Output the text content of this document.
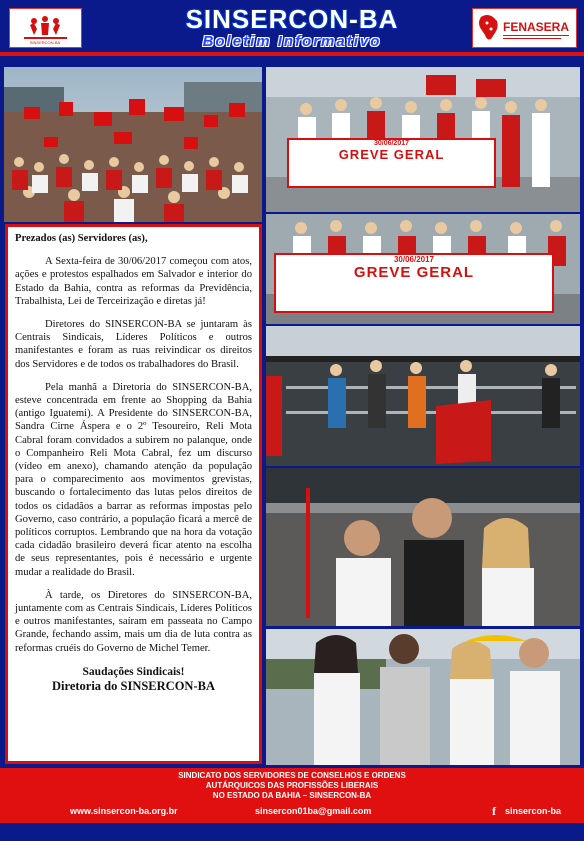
SINSERCON-BA
SINSERCON-BA
Boletim Informativo
FENASERA
30/06/2017
GREVE GERAL
30/06/2017
GREVE GERAL

Prezados (as) Servidores (as),

A Sexta-feira de 30/06/2017 começou com atos, ações e protestos espalhados em Salvador e interior do Estado da Bahia, contra as reformas da Previdência, Trabalhista, Lei de Terceirização e diretas já!

Diretores do SINSERCON-BA se juntaram às Centrais Sindicais, Líderes Políticos e outros manifestantes e foram as ruas reivindicar os direitos dos Servidores e de todos os trabalhadores do Brasil.

Pela manhã a Diretoria do SINSERCON-BA, esteve concentrada em frente ao Shopping da Bahia (antigo Iguatemi). A Presidente do SINSERCON-BA, Sandra Cirne Áspera e o 2º Tesoureiro, Reli Mota Cabral foram convidados a subirem no palanque, onde o Companheiro Reli Mota Cabral, fez um discurso (vídeo em anexo), chamando atenção da população para o comparecimento aos movimentos grevistas, buscando o fortalecimento das lutas pelos direitos de todos os cidadãos a barrar as reformas impostas pelo Governo, caso contrário, a população ficará a mercê de políticos corruptos. Lembrando que na hora da votação cada cidadão brasileiro deverá ficar atento na escolha de seus representantes, pois é necessário e urgente mudar a realidade do Brasil.

À tarde, os Diretores do SINSERCON-BA, juntamente com as Centrais Sindicais, Líderes Políticos e outros manifestantes, saíram em passeata no Campo Grande, fechando assim, mais um dia de luta contra as reformas cruéis do Governo de Michel Temer.

Saudações Sindicais!
Diretoria do SINSERCON-BA
SINDICATO DOS SERVIDORES DE CONSELHOS E ORDENS
AUTÁRQUICOS DAS PROFISSÕES LIBERAIS
NO ESTADO DA BAHIA – SINSERCON-BA
www.sinsercon-ba.org.br	sinsercon01ba@gmail.com	f sinsercon-ba
